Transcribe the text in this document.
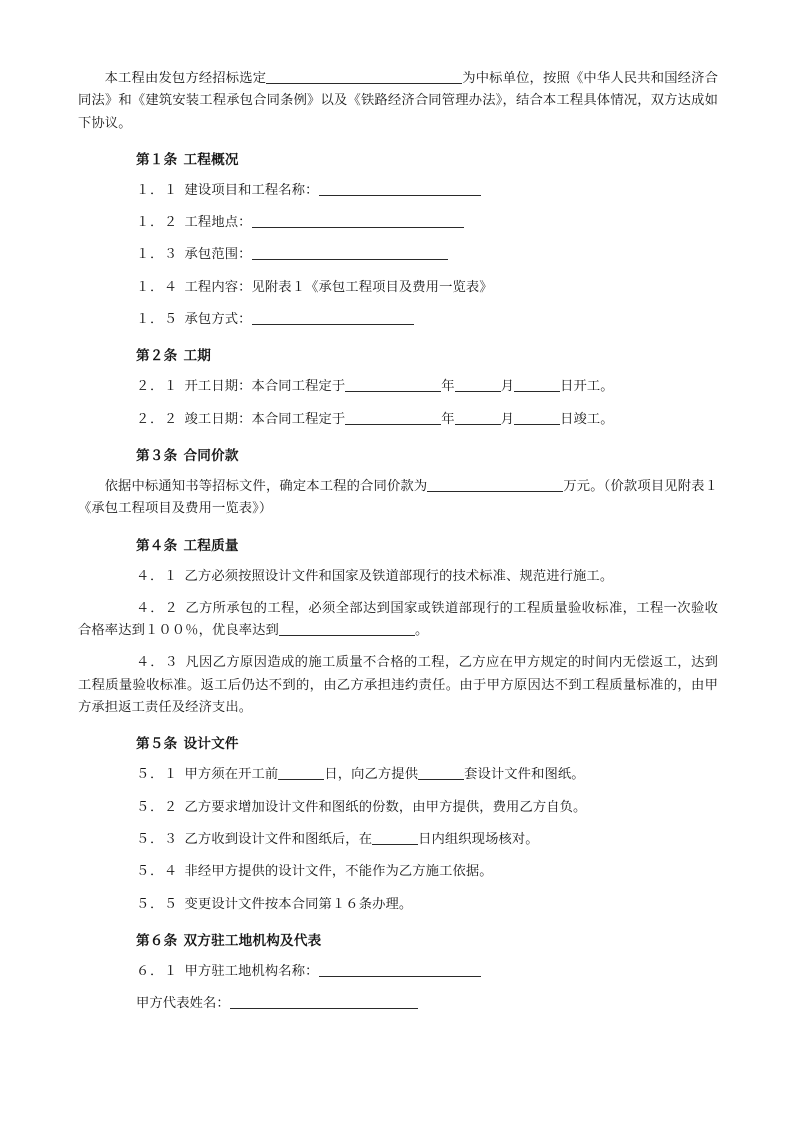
本工程由发包方经招标选定	为中标单位，按照《中华人民共和国经济合同法》和《建筑安装工程承包合同条例》以及《铁路经济合同管理办法》，结合本工程具体情况，双方达成如下协议。

第１条 工程概况

１．１ 建设项目和工程名称：

１．２ 工程地点：

１．３ 承包范围：

１．４ 工程内容：见附表１《承包工程项目及费用一览表》

１．５ 承包方式：

第２条 工期

２．１ 开工日期：本合同工程定于	年	月	日开工。

２．２ 竣工日期：本合同工程定于	年	月	日竣工。

第３条 合同价款

依据中标通知书等招标文件，确定本工程的合同价款为	万元。（价款项目见附表１《承包工程项目及费用一览表》）

第４条 工程质量

４．１ 乙方必须按照设计文件和国家及铁道部现行的技术标准、规范进行施工。

４．２ 乙方所承包的工程，必须全部达到国家或铁道部现行的工程质量验收标准，工程一次验收合格率达到１００％，优良率达到	。

４．３ 凡因乙方原因造成的施工质量不合格的工程，乙方应在甲方规定的时间内无偿返工，达到工程质量验收标准。返工后仍达不到的，由乙方承担违约责任。由于甲方原因达不到工程质量标准的，由甲方承担返工责任及经济支出。

第５条 设计文件

５．１ 甲方须在开工前	日，向乙方提供	套设计文件和图纸。

５．２ 乙方要求增加设计文件和图纸的份数，由甲方提供，费用乙方自负。

５．３ 乙方收到设计文件和图纸后，在	日内组织现场核对。

５．４ 非经甲方提供的设计文件，不能作为乙方施工依据。

５．５ 变更设计文件按本合同第１６条办理。

第６条 双方驻工地机构及代表

６．１ 甲方驻工地机构名称：

甲方代表姓名：
